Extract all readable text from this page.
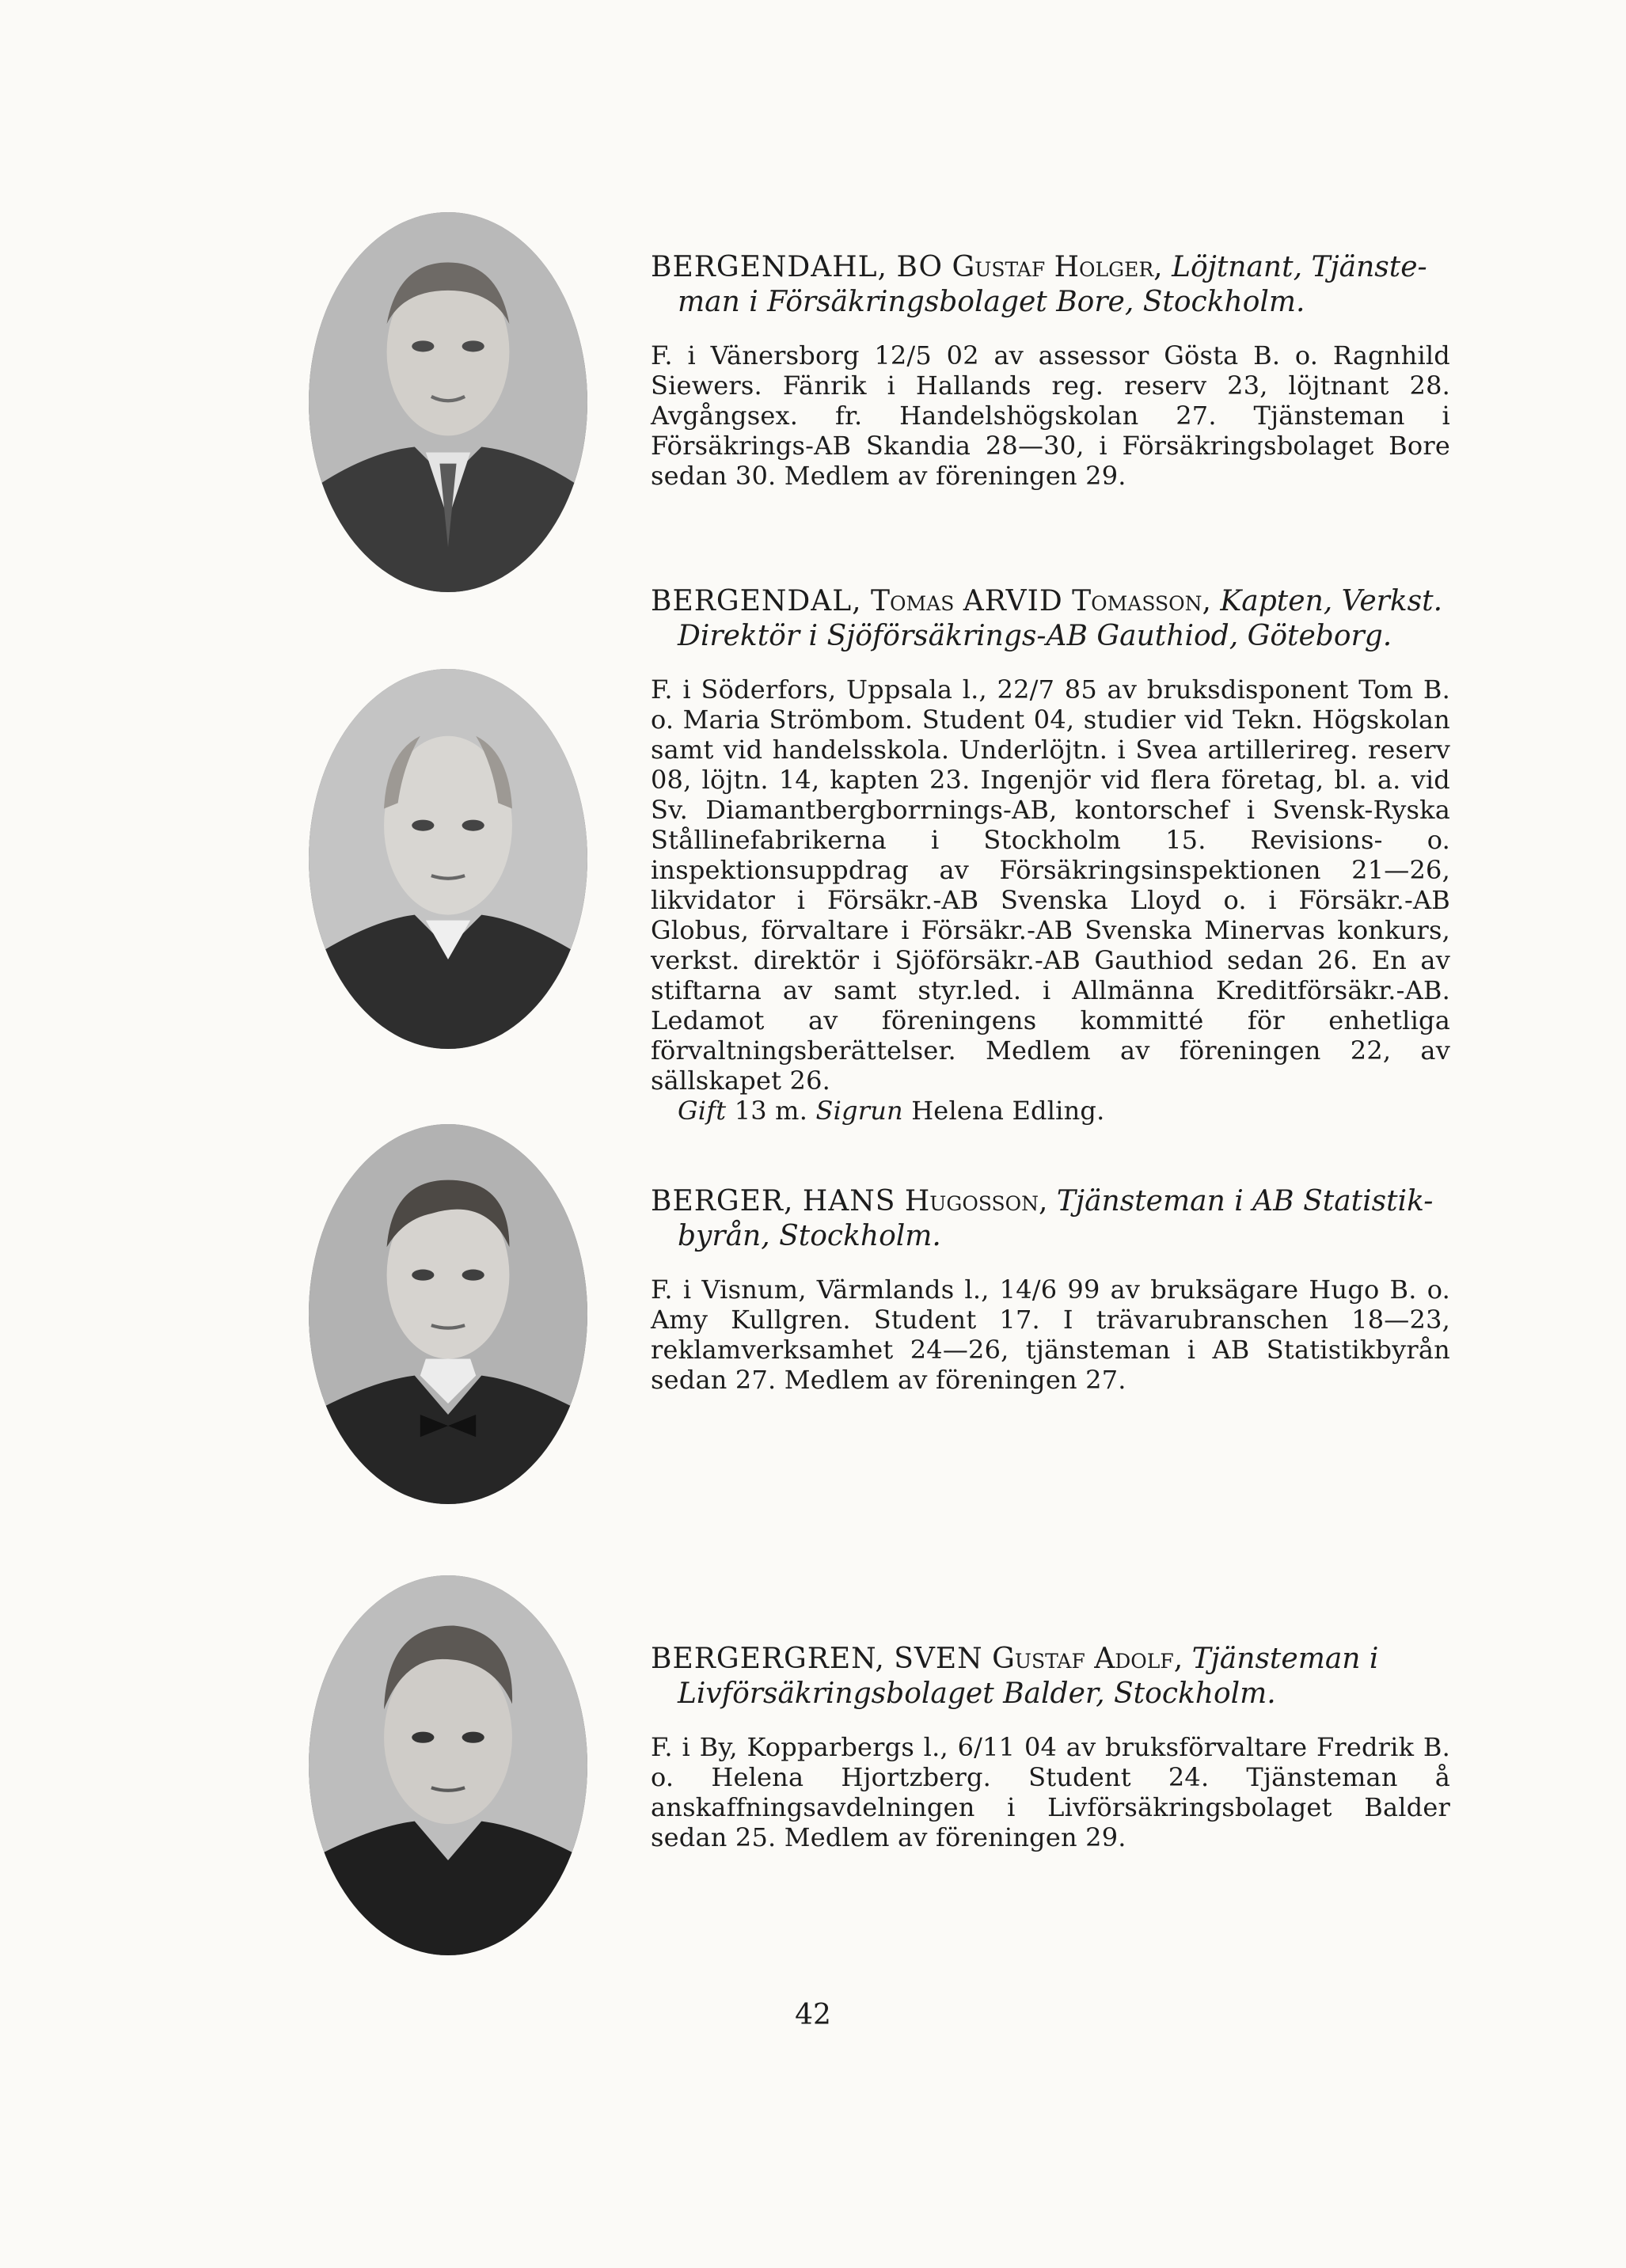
BERGENDAHL, BO Gustaf Holger, Löjtnant, Tjänste-
man i Försäkringsbolaget Bore, Stockholm.

F. i Vänersborg 12/5 02 av assessor Gösta B. o. Ragnhild Siewers. Fänrik i Hallands reg. reserv 23, löjtnant 28. Avgångsex. fr. Handelshögskolan 27. Tjänsteman i Försäkrings-AB Skandia 28—30, i Försäkringsbolaget Bore sedan 30. Medlem av föreningen 29.

BERGENDAL, Tomas ARVID Tomasson, Kapten, Verkst.
Direktör i Sjöförsäkrings-AB Gauthiod, Göteborg.

F. i Söderfors, Uppsala l., 22/7 85 av bruksdisponent Tom B. o. Maria Strömbom. Student 04, studier vid Tekn. Högskolan samt vid handelsskola. Underlöjtn. i Svea artillerireg. reserv 08, löjtn. 14, kapten 23. Ingenjör vid flera företag, bl. a. vid Sv. Diamantbergborrnings-AB, kontorschef i Svensk-Ryska Stållinefabrikerna i Stockholm 15. Revisions- o. inspektionsuppdrag av Försäkringsinspektionen 21—26, likvidator i Försäkr.-AB Svenska Lloyd o. i Försäkr.-AB Globus, förvaltare i Försäkr.-AB Svenska Minervas konkurs, verkst. direktör i Sjöförsäkr.-AB Gauthiod sedan 26. En av stiftarna av samt styr.led. i Allmänna Kreditförsäkr.-AB. Ledamot av föreningens kommitté för enhetliga förvaltningsberättelser. Medlem av föreningen 22, av sällskapet 26.

Gift 13 m. Sigrun Helena Edling.

BERGER, HANS Hugosson, Tjänsteman i AB Statistik-
byrån, Stockholm.

F. i Visnum, Värmlands l., 14/6 99 av bruksägare Hugo B. o. Amy Kullgren. Student 17. I trävarubranschen 18—23, reklamverksamhet 24—26, tjänsteman i AB Statistikbyrån sedan 27. Medlem av föreningen 27.

BERGERGREN, SVEN Gustaf Adolf, Tjänsteman i
Livförsäkringsbolaget Balder, Stockholm.

F. i By, Kopparbergs l., 6/11 04 av bruksförvaltare Fredrik B. o. Helena Hjortzberg. Student 24. Tjänsteman å anskaffningsavdelningen i Livförsäkringsbolaget Balder sedan 25. Medlem av föreningen 29.

42
